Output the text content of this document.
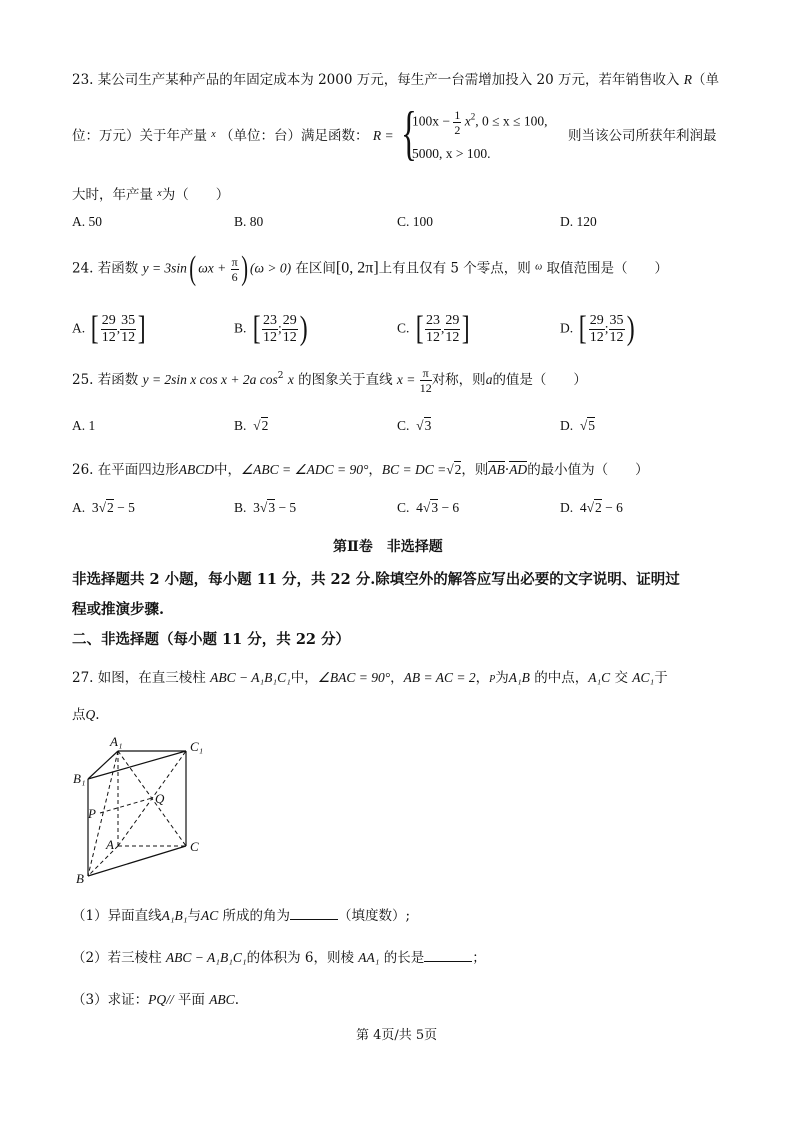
23. 某公司生产某种产品的年固定成本为 2000 万元，每生产一台需增加投入 20 万元，若年销售收入 R（单
位：万元）关于年产量 $^x$ （单位：台）满足函数： R = {
$100x - \frac{1}{2} x^2$, 0 ≤ x ≤ 100,
5000, x > 100.
则当该公司所获年利润最
大时，年产量 $^x$为（　　）
A. 50	B. 80	C. 100	D. 120
24. 若函数 y = 3sin( $\omega x + \frac{\pi}{6}$ ) (ω > 0) 在区间[0, 2π]上有且仅有 5 个零点，则 $^\omega$ 取值范围是（　　）
A. [ $\frac{29}{12}$ , $\frac{35}{12}$ ]	B. [ $\frac{23}{12}$ ; $\frac{29}{12}$ )	C. [ $\frac{23}{12}$ , $\frac{29}{12}$ ]	D. [ $\frac{29}{12}$ ; $\frac{35}{12}$ )
25. 若函数 y = 2sin x cos x + 2a $\cos^2 x$ 的图象关于直线 $x = \frac{\pi}{12}$ 对称，则a的值是（　　）
A. 1	B. √2	C. √3	D. √5
26. 在平面四边形ABCD中，∠ABC = ∠ADC = 90°，BC = DC =√2，则AB·AD的最小值为（　　）
A. 3√2 − 5	B. 3√3 − 5	C. 4√3 − 6	D. 4√2 − 6
第Ⅱ卷　非选择题
非选择题共 2 小题，每小题 11 分，共 22 分.除填空外的解答应写出必要的文字说明、证明过
程或推演步骤.
二、非选择题（每小题 11 分，共 22 分）
27. 如图，在直三棱柱 ABC − A₁B₁C₁中，∠BAC = 90°，AB = AC = 2，P为A₁B 的中点，A₁C 交 AC₁于
点Q.
A₁	C₁
B₁
Q
P
A	C
B
（1）异面直线A₁B₁与AC 所成的角为	（填度数）;
（2）若三棱柱 ABC − A₁B₁C₁的体积为 6，则棱 AA₁ 的长是	；
（3）求证：PQ// 平面 ABC.
第 4页/共 5页
